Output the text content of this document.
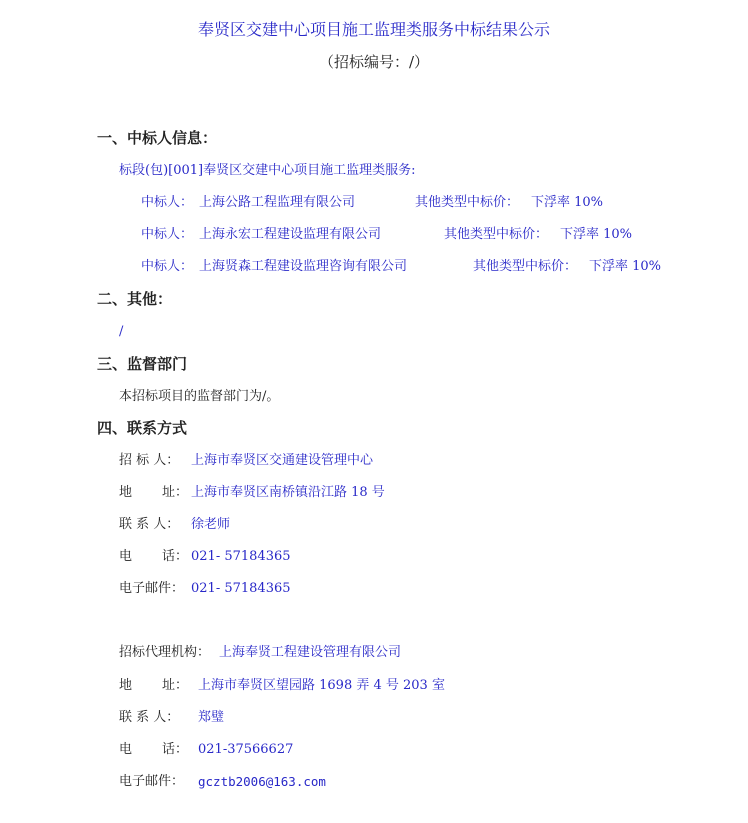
奉贤区交建中心项目施工监理类服务中标结果公示
（招标编号：/）
一、中标人信息：
标段(包)[001]奉贤区交建中心项目施工监理类服务:
中标人： 上海公路工程监理有限公司	其他类型中标价： 下浮率 10%
中标人： 上海永宏工程建设监理有限公司	其他类型中标价： 下浮率 10%
中标人： 上海贤森工程建设监理咨询有限公司	其他类型中标价： 下浮率 10%
二、其他：
/
三、监督部门
本招标项目的监督部门为/。
四、联系方式
招 标 人： 上海市奉贤区交通建设管理中心
地 址： 上海市奉贤区南桥镇沿江路 18 号
联 系 人： 徐老师
电 话： 021- 57184365
电子邮件： 021- 57184365
招标代理机构： 上海奉贤工程建设管理有限公司
地 址： 上海市奉贤区望园路 1698 弄 4 号 203 室
联 系 人： 郑璧
电 话： 021-37566627
电子邮件： gcztb2006@163.com
